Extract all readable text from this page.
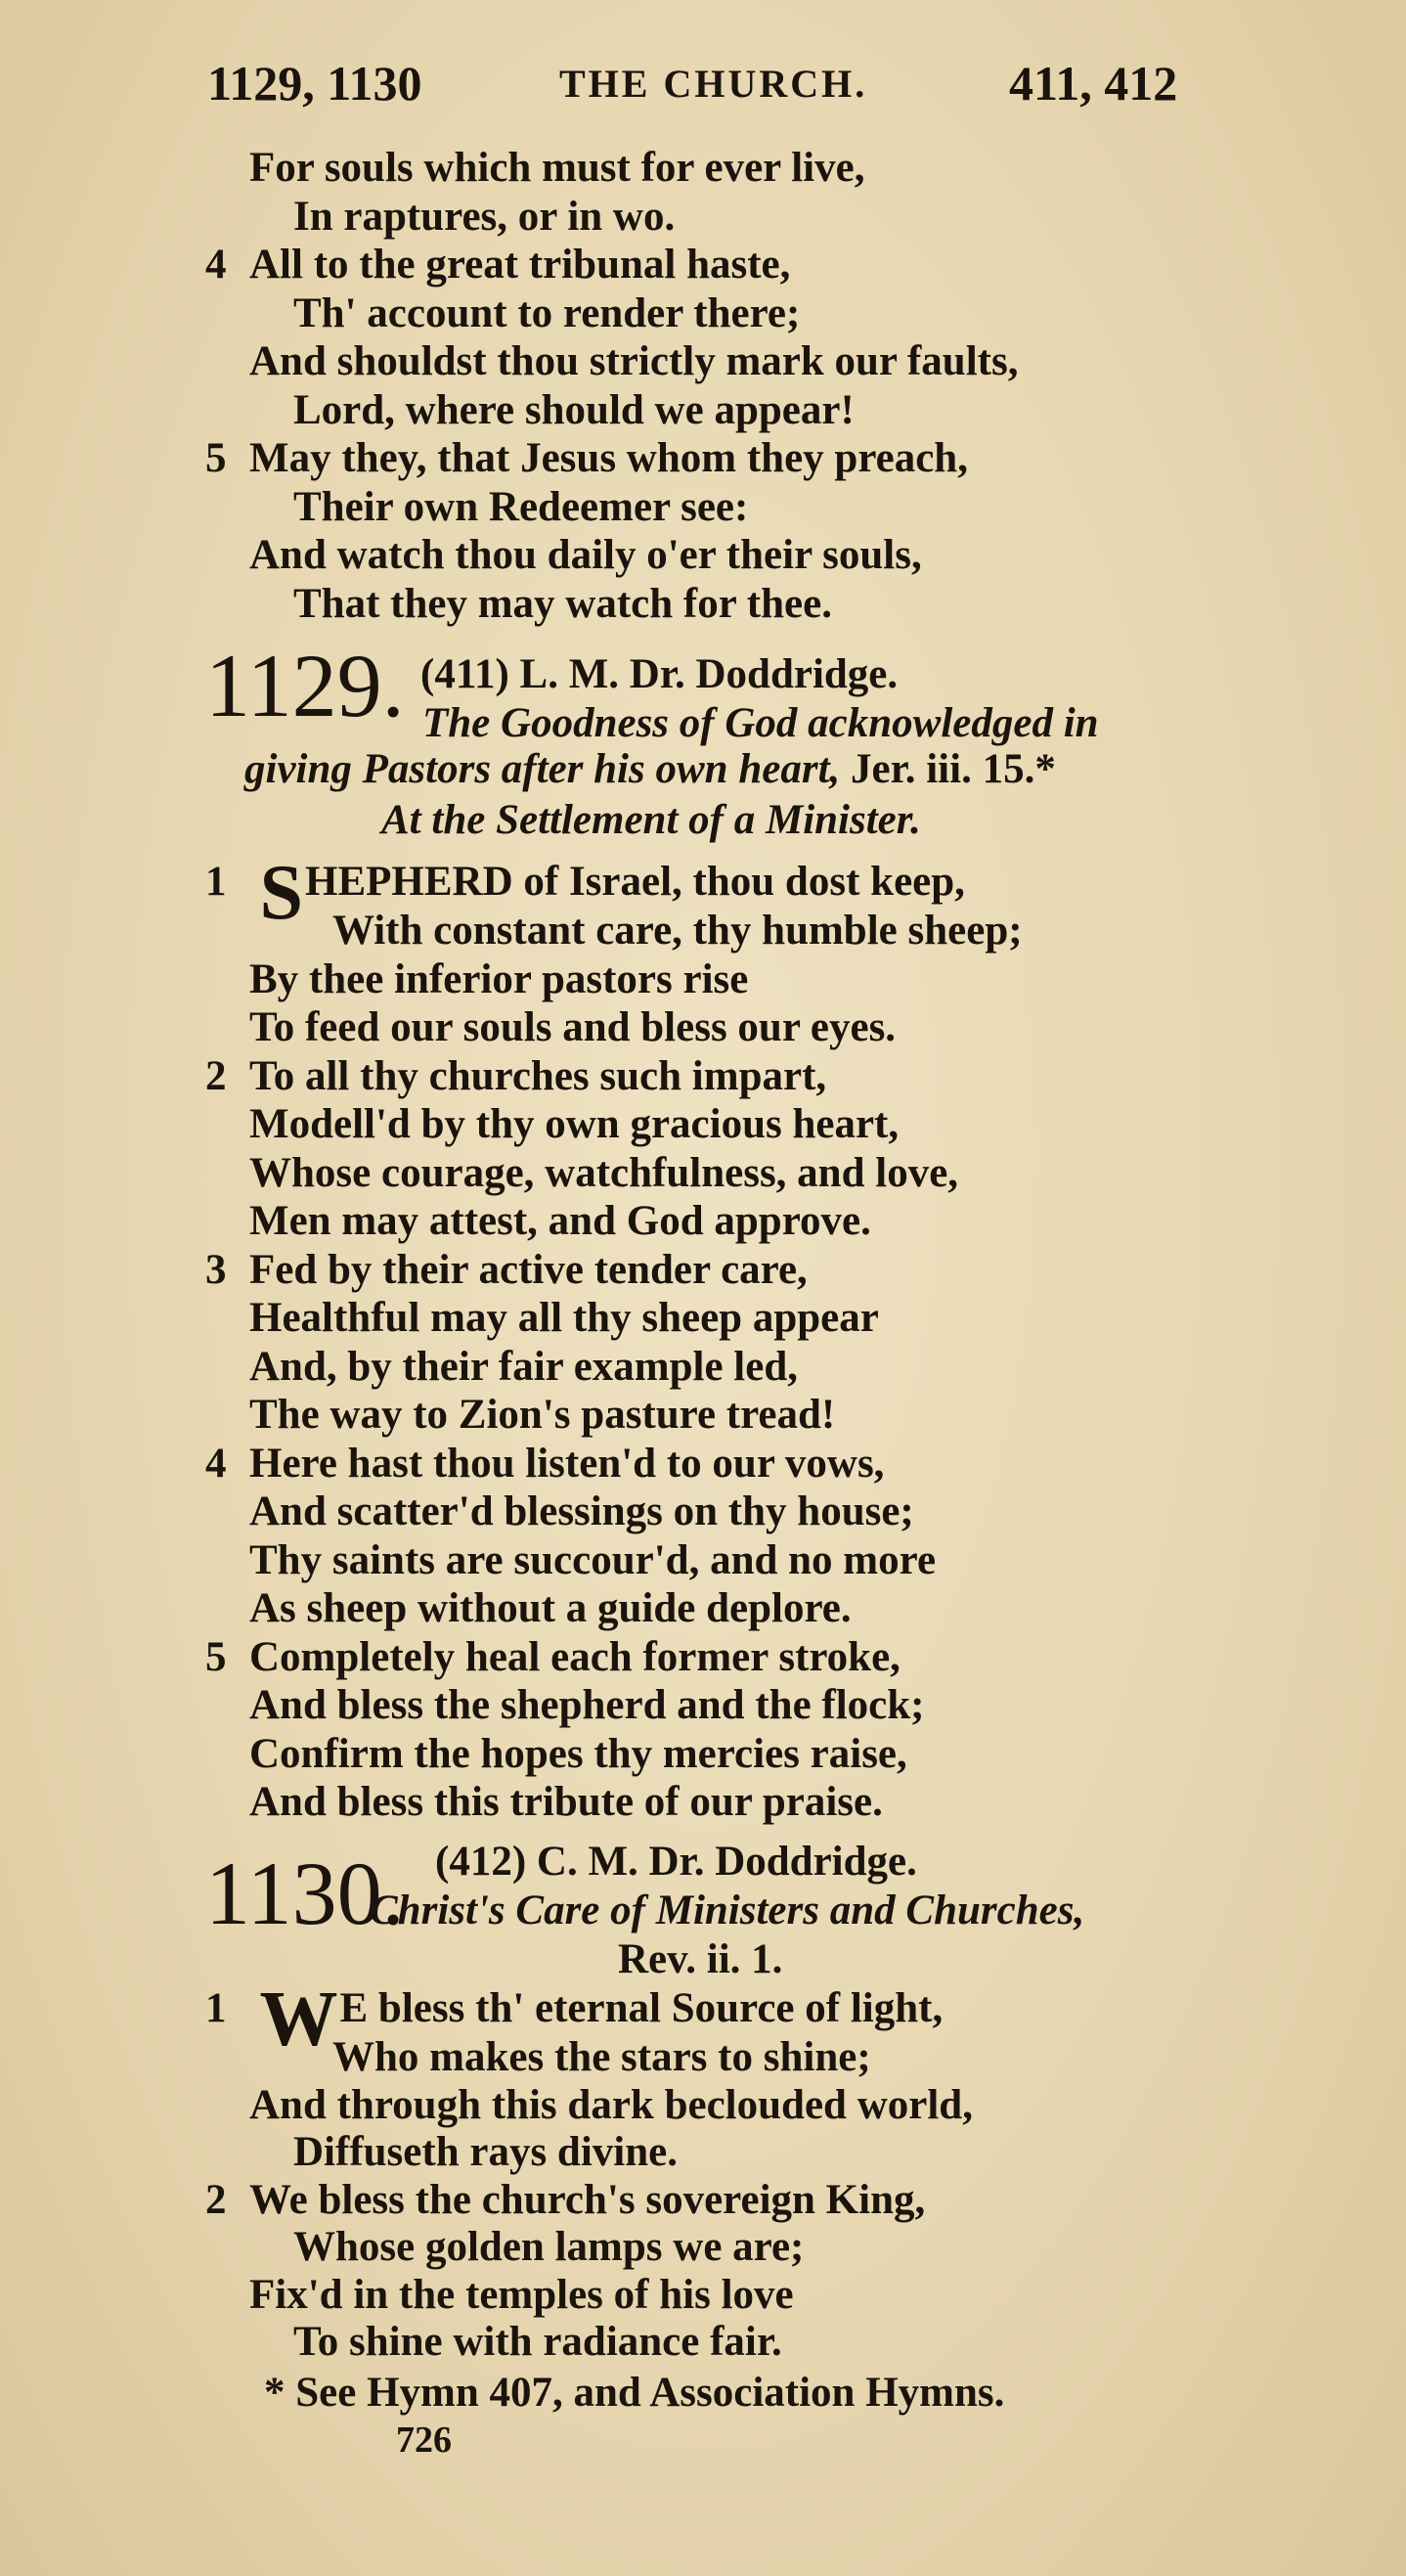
1129, 1130	THE CHURCH.	411, 412
For souls which must for ever live,
In raptures, or in wo.
4 All to the great tribunal haste,
Th' account to render there;
And shouldst thou strictly mark our faults,
Lord, where should we appear!
5 May they, that Jesus whom they preach,
Their own Redeemer see:
And watch thou daily o'er their souls,
That they may watch for thee.
1129. (411) L. M. Dr. Doddridge.
The Goodness of God acknowledged in
giving Pastors after his own heart, Jer. iii. 15.*
At the Settlement of a Minister.
1 SHEPHERD of Israel, thou dost keep,
With constant care, thy humble sheep;
By thee inferior pastors rise
To feed our souls and bless our eyes.
2 To all thy churches such impart,
Modell'd by thy own gracious heart,
Whose courage, watchfulness, and love,
Men may attest, and God approve.
3 Fed by their active tender care,
Healthful may all thy sheep appear
And, by their fair example led,
The way to Zion's pasture tread!
4 Here hast thou listen'd to our vows,
And scatter'd blessings on thy house;
Thy saints are succour'd, and no more
As sheep without a guide deplore.
5 Completely heal each former stroke,
And bless the shepherd and the flock;
Confirm the hopes thy mercies raise,
And bless this tribute of our praise.
1130. (412) C. M. Dr. Doddridge.
Christ's Care of Ministers and Churches,
Rev. ii. 1.
1 WE bless th' eternal Source of light,
Who makes the stars to shine;
And through this dark beclouded world,
Diffuseth rays divine.
2 We bless the church's sovereign King,
Whose golden lamps we are;
Fix'd in the temples of his love
To shine with radiance fair.
* See Hymn 407, and Association Hymns.
726
